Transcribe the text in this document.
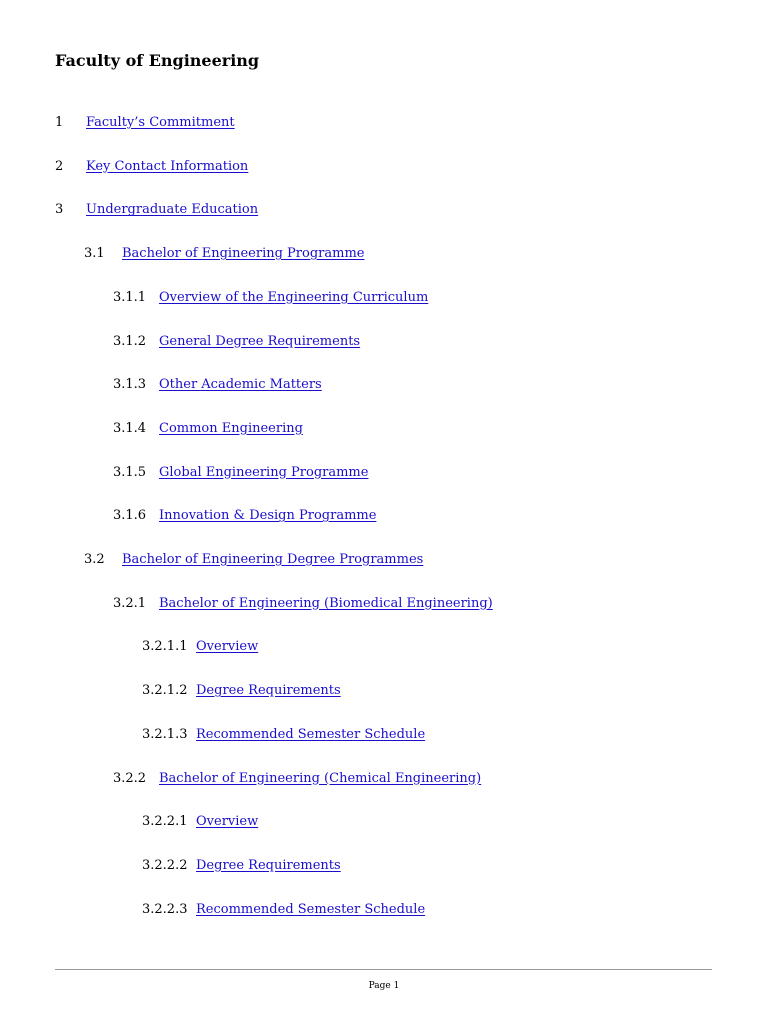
Faculty of Engineering
1 Faculty’s Commitment
2 Key Contact Information
3 Undergraduate Education
3.1 Bachelor of Engineering Programme
3.1.1 Overview of the Engineering Curriculum
3.1.2 General Degree Requirements
3.1.3 Other Academic Matters
3.1.4 Common Engineering
3.1.5 Global Engineering Programme
3.1.6 Innovation & Design Programme
3.2 Bachelor of Engineering Degree Programmes
3.2.1 Bachelor of Engineering (Biomedical Engineering)
3.2.1.1 Overview
3.2.1.2 Degree Requirements
3.2.1.3 Recommended Semester Schedule
3.2.2 Bachelor of Engineering (Chemical Engineering)
3.2.2.1 Overview
3.2.2.2 Degree Requirements
3.2.2.3 Recommended Semester Schedule
Page 1
